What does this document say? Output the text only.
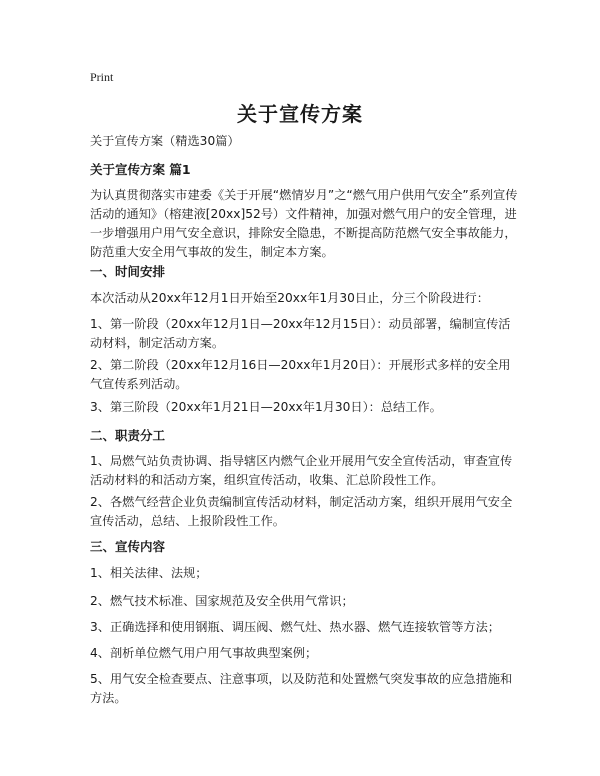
Print
关于宣传方案
关于宣传方案（精选30篇）
关于宣传方案 篇1
为认真贯彻落实市建委《关于开展“燃情岁月”之“燃气用户供用气安全”系列宣传活动的通知》（榕建液[20xx]52号）文件精神，加强对燃气用户的安全管理，进一步增强用户用气安全意识，排除安全隐患，不断提高防范燃气安全事故能力，防范重大安全用气事故的发生，制定本方案。
一、时间安排
本次活动从20xx年12月1日开始至20xx年1月30日止，分三个阶段进行：
1、第一阶段（20xx年12月1日—20xx年12月15日）：动员部署，编制宣传活动材料，制定活动方案。
2、第二阶段（20xx年12月16日—20xx年1月20日）：开展形式多样的安全用气宣传系列活动。
3、第三阶段（20xx年1月21日—20xx年1月30日）：总结工作。
二、职责分工
1、局燃气站负责协调、指导辖区内燃气企业开展用气安全宣传活动，审查宣传活动材料的和活动方案，组织宣传活动，收集、汇总阶段性工作。
2、各燃气经营企业负责编制宣传活动材料，制定活动方案，组织开展用气安全宣传活动，总结、上报阶段性工作。
三、宣传内容
1、相关法律、法规；
2、燃气技术标准、国家规范及安全供用气常识；
3、正确选择和使用钢瓶、调压阀、燃气灶、热水器、燃气连接软管等方法；
4、剖析单位燃气用户用气事故典型案例；
5、用气安全检查要点、注意事项，以及防范和处置燃气突发事故的应急措施和方法。
